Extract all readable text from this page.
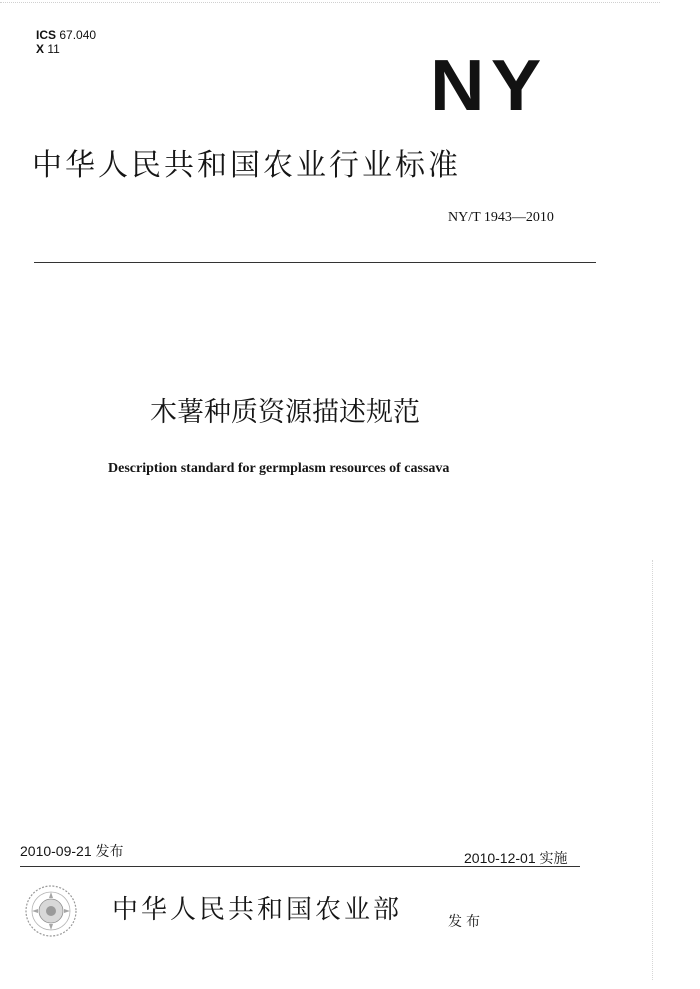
ICS 67.040
X 11	NY
中华人民共和国农业行业标准
NY/T 1943—2010
木薯种质资源描述规范
Description standard for germplasm resources of cassava
2010-09-21 发布	2010-12-01 实施
中华人民共和国农业部	发布
